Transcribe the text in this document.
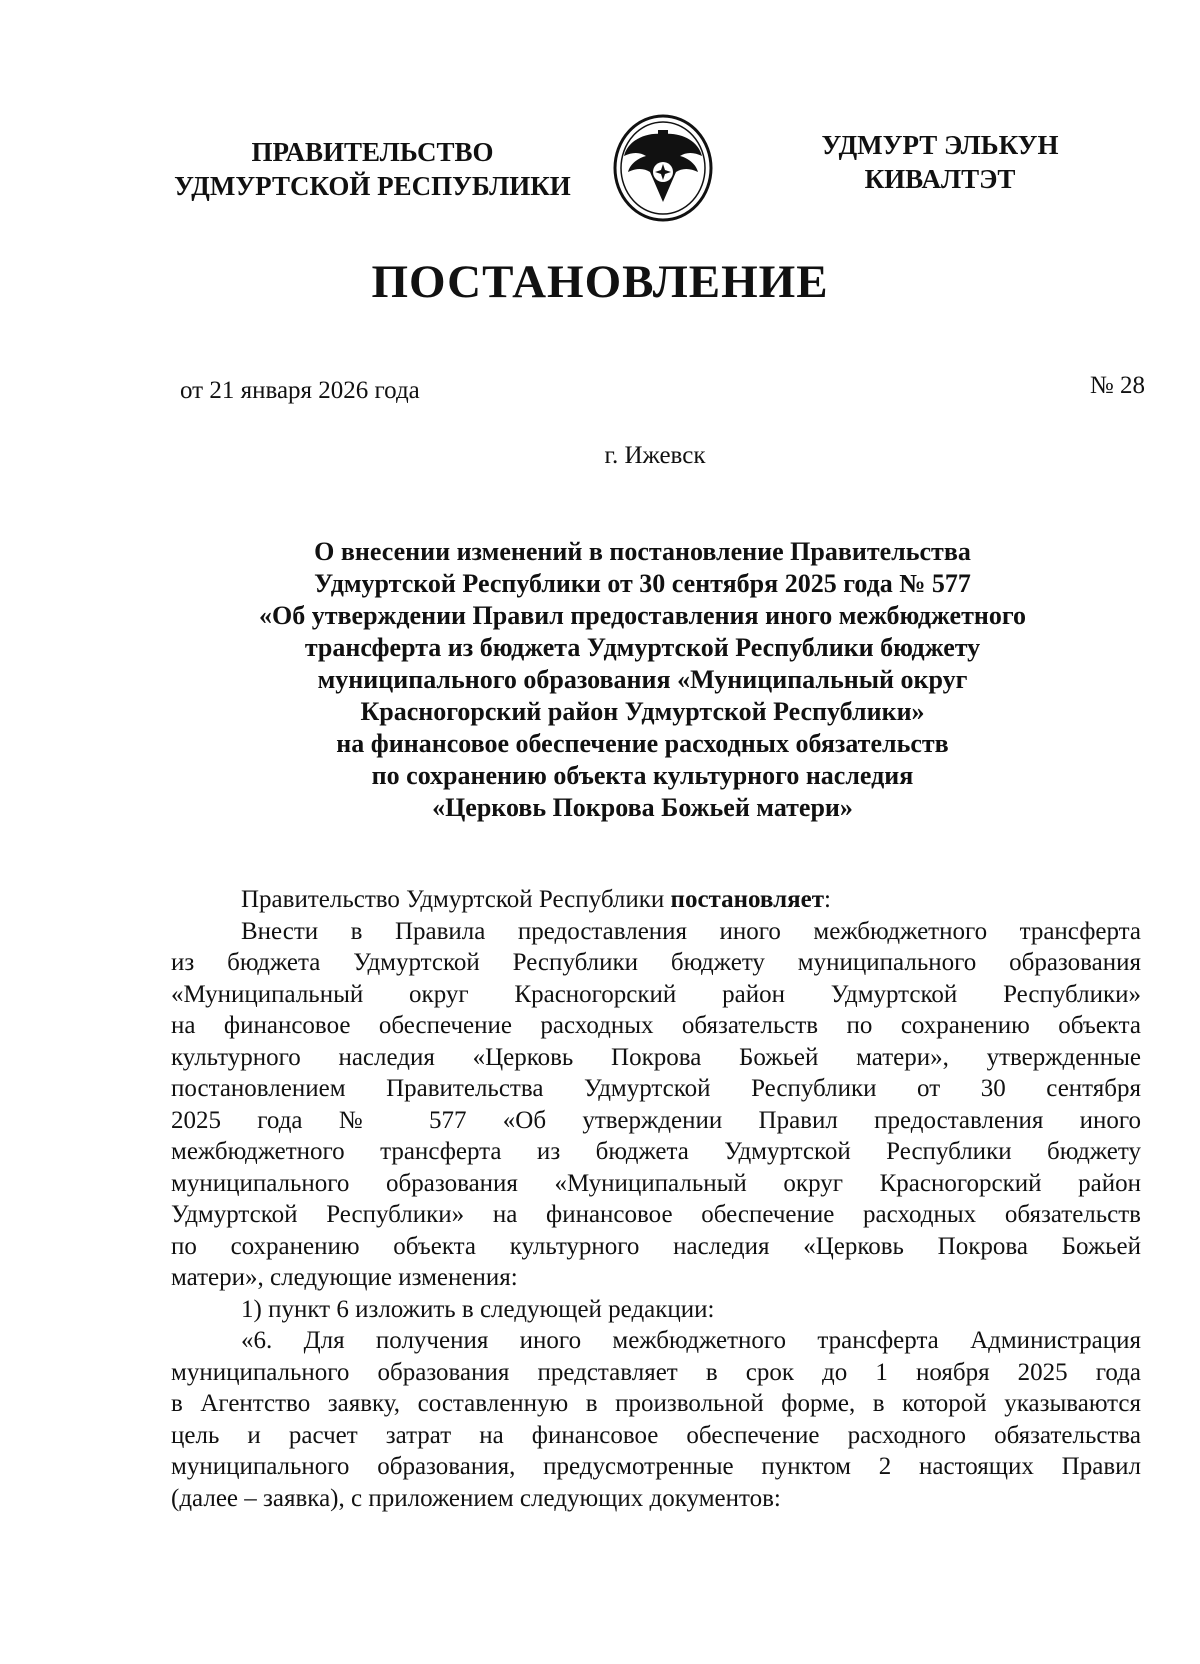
ПРАВИТЕЛЬСТВО
УДМУРТСКОЙ РЕСПУБЛИКИ
УДМУРТ ЭЛЬКУН
КИВАЛТЭТ
ПОСТАНОВЛЕНИЕ
от 21 января 2026 года	№ 28
г. Ижевск
О внесении изменений в постановление Правительства
Удмуртской Республики от 30 сентября 2025 года № 577
«Об утверждении Правил предоставления иного межбюджетного
трансферта из бюджета Удмуртской Республики бюджету
муниципального образования «Муниципальный округ
Красногорский район Удмуртской Республики»
на финансовое обеспечение расходных обязательств
по сохранению объекта культурного наследия
«Церковь Покрова Божьей матери»
Правительство Удмуртской Республики постановляет:
Внести в Правила предоставления иного межбюджетного трансферта
из бюджета Удмуртской Республики бюджету муниципального образования
«Муниципальный округ Красногорский район Удмуртской Республики»
на финансовое обеспечение расходных обязательств по сохранению объекта
культурного наследия «Церковь Покрова Божьей матери», утвержденные
постановлением Правительства Удмуртской Республики от 30 сентября
2025 года № 577 «Об утверждении Правил предоставления иного
межбюджетного трансферта из бюджета Удмуртской Республики бюджету
муниципального образования «Муниципальный округ Красногорский район
Удмуртской Республики» на финансовое обеспечение расходных обязательств
по сохранению объекта культурного наследия «Церковь Покрова Божьей
матери», следующие изменения:
1) пункт 6 изложить в следующей редакции:
«6. Для получения иного межбюджетного трансферта Администрация
муниципального образования представляет в срок до 1 ноября 2025 года
в Агентство заявку, составленную в произвольной форме, в которой указываются
цель и расчет затрат на финансовое обеспечение расходного обязательства
муниципального образования, предусмотренные пунктом 2 настоящих Правил
(далее – заявка), с приложением следующих документов:
